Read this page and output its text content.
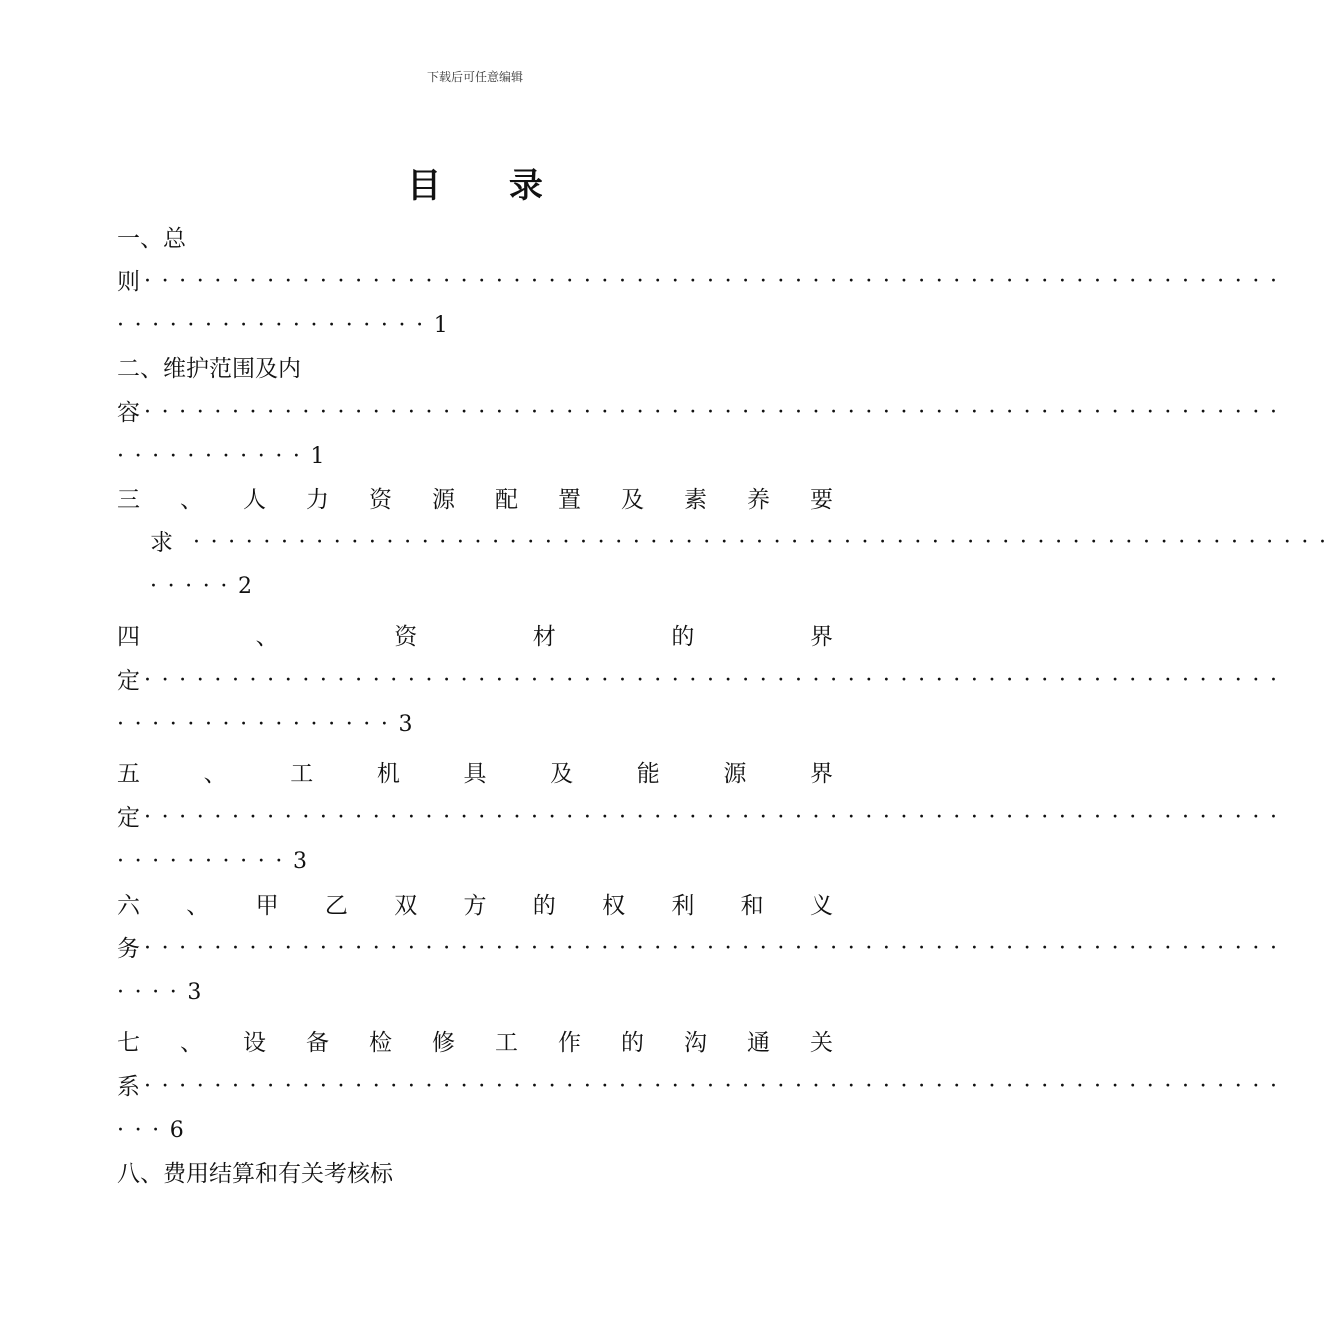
下载后可任意编辑
目 录
一、总
则 ·································································
··················1
二、维护范围及内
容 ·································································
···········1
三 、 人 力 资 源 配 置 及 素 养 要
求 ·································································
·····2
四	、	资	材	的	界
定 ·································································
················3
五	、	工	机	具	及	能	源	界
定 ·································································
··········3
六 、 甲 乙 双 方 的 权 利 和 义
务 ·································································
····3
七 、 设 备 检 修 工 作 的 沟 通 关
系 ·································································
···6
八、费用结算和有关考核标
